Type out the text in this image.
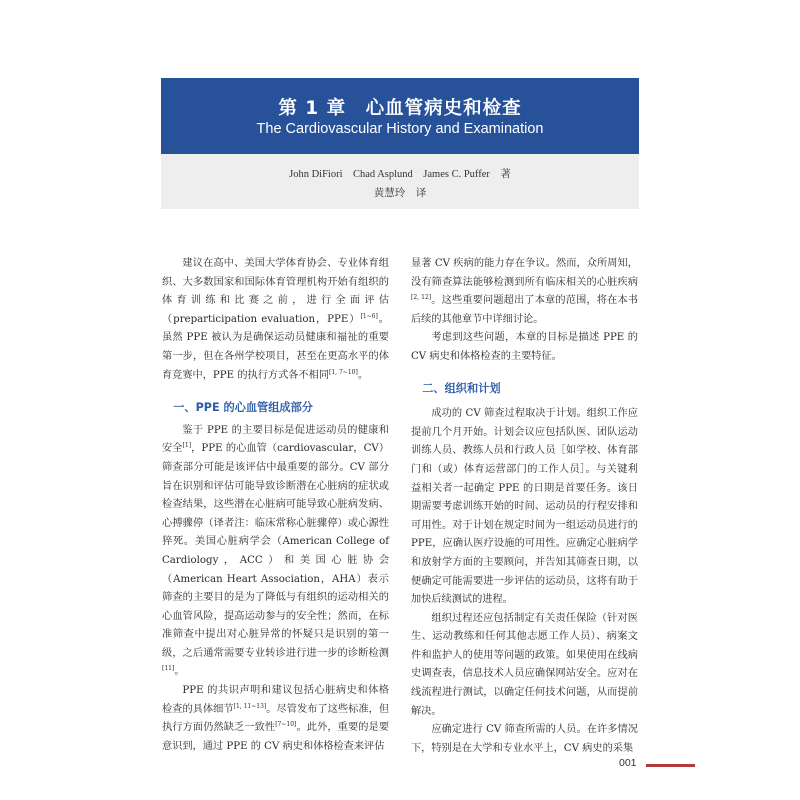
第 1 章　心血管病史和检查
The Cardiovascular History and Examination
John DiFiori　Chad Asplund　James C. Puffer　著
黄慧玲　译

建议在高中、美国大学体育协会、专业体育组织、大多数国家和国际体育管理机构开始有组织的体育训练和比赛之前，进行全面评估（preparticipation evaluation，PPE）[1~6]。虽然 PPE 被认为是确保运动员健康和福祉的重要第一步，但在各州学校项目，甚至在更高水平的体育竞赛中，PPE 的执行方式各不相同[1, 7~10]。

一、PPE 的心血管组成部分

鉴于 PPE 的主要目标是促进运动员的健康和安全[1]，PPE 的心血管（cardiovascular，CV）筛查部分可能是该评估中最重要的部分。CV 部分旨在识别和评估可能导致诊断潜在心脏病的症状或检查结果，这些潜在心脏病可能导致心脏病发病、心搏骤停（译者注：临床常称心脏骤停）或心源性猝死。美国心脏病学会（American College of Cardiology，ACC）和美国心脏协会（American Heart Association，AHA）表示筛查的主要目的是为了降低与有组织的运动相关的心血管风险，提高运动参与的安全性；然而，在标准筛查中提出对心脏异常的怀疑只是识别的第一级，之后通常需要专业转诊进行进一步的诊断检测[11]。

PPE 的共识声明和建议包括心脏病史和体格检查的具体细节[1, 11~13]。尽管发布了这些标准，但执行方面仍然缺乏一致性[7~10]。此外，重要的是要意识到，通过 PPE 的 CV 病史和体格检查来评估

显著 CV 疾病的能力存在争议。然而，众所周知，没有筛查算法能够检测到所有临床相关的心脏疾病[2, 12]。这些重要问题超出了本章的范围，将在本书后续的其他章节中详细讨论。

考虑到这些问题，本章的目标是描述 PPE 的 CV 病史和体格检查的主要特征。

二、组织和计划

成功的 CV 筛查过程取决于计划。组织工作应提前几个月开始。计划会议应包括队医、团队运动训练人员、教练人员和行政人员［如学校、体育部门和（或）体育运营部门的工作人员］。与关键利益相关者一起确定 PPE 的日期是首要任务。该日期需要考虑训练开始的时间、运动员的行程安排和可用性。对于计划在规定时间为一组运动员进行的 PPE，应确认医疗设施的可用性。应确定心脏病学和放射学方面的主要顾问，并告知其筛查日期，以便确定可能需要进一步评估的运动员，这将有助于加快后续测试的进程。

组织过程还应包括制定有关责任保险（针对医生、运动教练和任何其他志愿工作人员）、病案文件和监护人的使用等问题的政策。如果使用在线病史调查表，信息技术人员应确保网站安全。应对在线流程进行测试，以确定任何技术问题，从而提前解决。

应确定进行 CV 筛查所需的人员。在许多情况下，特别是在大学和专业水平上，CV 病史的采集

001
